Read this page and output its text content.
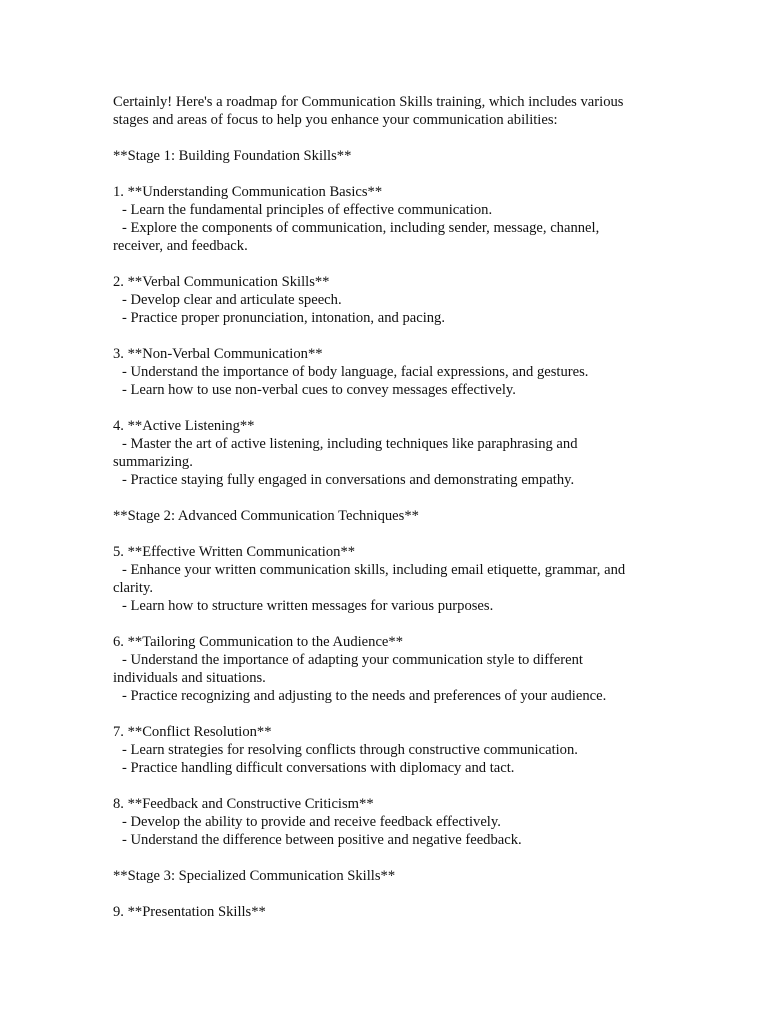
Certainly! Here's a roadmap for Communication Skills training, which includes various
stages and areas of focus to help you enhance your communication abilities:

**Stage 1: Building Foundation Skills**

1. **Understanding Communication Basics**
- Learn the fundamental principles of effective communication.
- Explore the components of communication, including sender, message, channel,
receiver, and feedback.
2. **Verbal Communication Skills**
- Develop clear and articulate speech.
- Practice proper pronunciation, intonation, and pacing.
3. **Non-Verbal Communication**
- Understand the importance of body language, facial expressions, and gestures.
- Learn how to use non-verbal cues to convey messages effectively.
4. **Active Listening**
- Master the art of active listening, including techniques like paraphrasing and
summarizing.
- Practice staying fully engaged in conversations and demonstrating empathy.

**Stage 2: Advanced Communication Techniques**

5. **Effective Written Communication**
- Enhance your written communication skills, including email etiquette, grammar, and
clarity.
- Learn how to structure written messages for various purposes.
6. **Tailoring Communication to the Audience**
- Understand the importance of adapting your communication style to different
individuals and situations.
- Practice recognizing and adjusting to the needs and preferences of your audience.
7. **Conflict Resolution**
- Learn strategies for resolving conflicts through constructive communication.
- Practice handling difficult conversations with diplomacy and tact.
8. **Feedback and Constructive Criticism**
- Develop the ability to provide and receive feedback effectively.
- Understand the difference between positive and negative feedback.

**Stage 3: Specialized Communication Skills**

9. **Presentation Skills**
